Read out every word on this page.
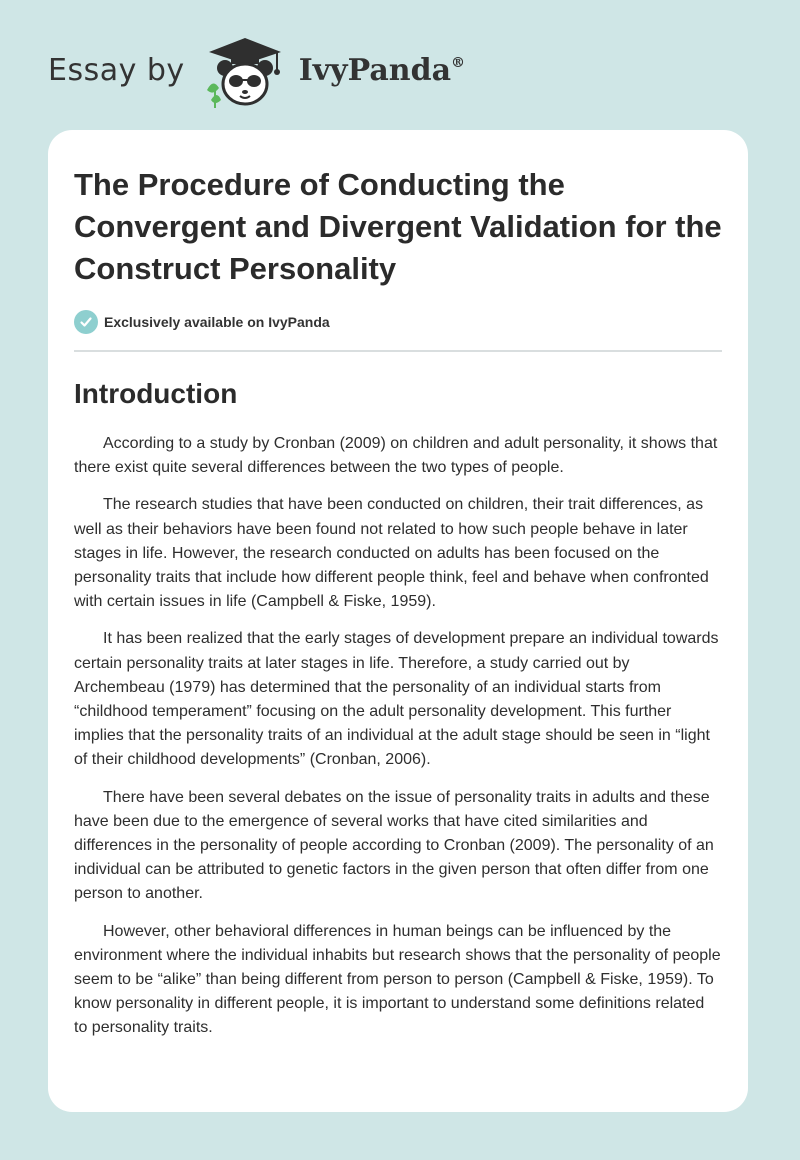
Essay by	IvyPanda®
The Procedure of Conducting the Convergent and Divergent Validation for the Construct Personality
Exclusively available on IvyPanda
Introduction

According to a study by Cronban (2009) on children and adult personality, it shows that there exist quite several differences between the two types of people.

The research studies that have been conducted on children, their trait differences, as well as their behaviors have been found not related to how such people behave in later stages in life. However, the research conducted on adults has been focused on the personality traits that include how different people think, feel and behave when confronted with certain issues in life (Campbell & Fiske, 1959).

It has been realized that the early stages of development prepare an individual towards certain personality traits at later stages in life. Therefore, a study carried out by Archembeau (1979) has determined that the personality of an individual starts from “childhood temperament” focusing on the adult personality development. This further implies that the personality traits of an individual at the adult stage should be seen in “light of their childhood developments” (Cronban, 2006).

There have been several debates on the issue of personality traits in adults and these have been due to the emergence of several works that have cited similarities and differences in the personality of people according to Cronban (2009). The personality of an individual can be attributed to genetic factors in the given person that often differ from one person to another.

However, other behavioral differences in human beings can be influenced by the environment where the individual inhabits but research shows that the personality of people seem to be “alike” than being different from person to person (Campbell & Fiske, 1959). To know personality in different people, it is important to understand some definitions related to personality traits.
